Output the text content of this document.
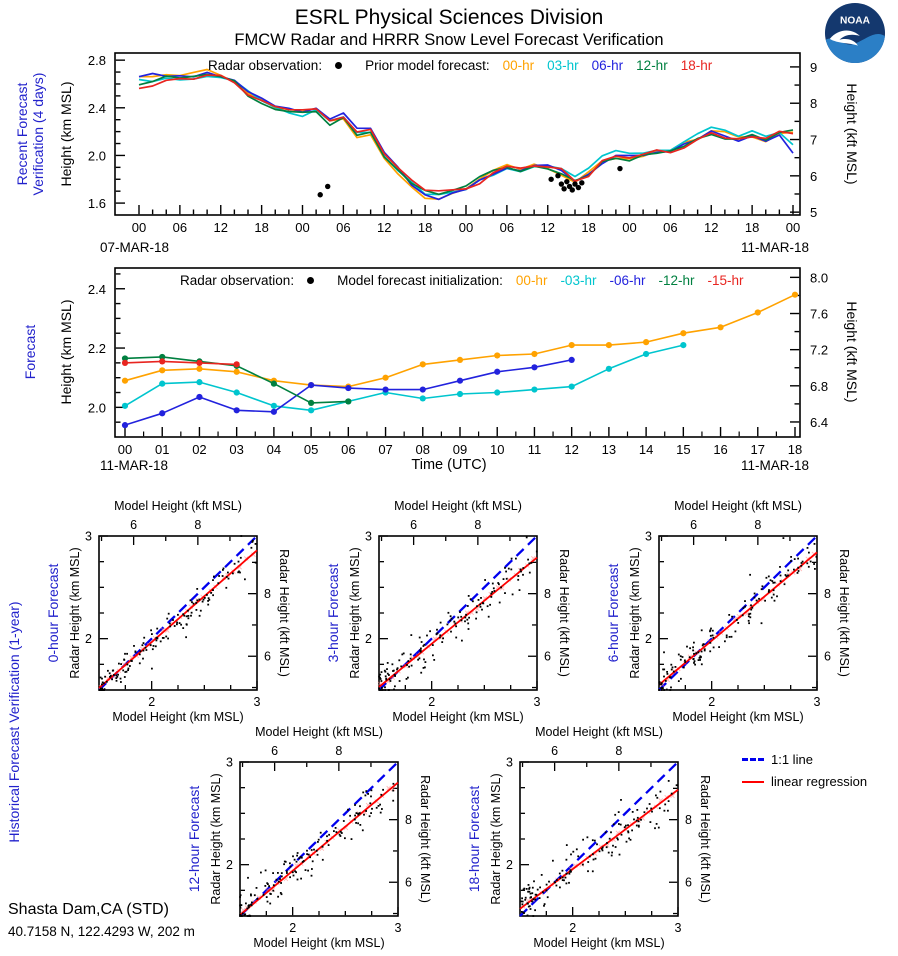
ESRL Physical Sciences Division
FMCW Radar and HRRR Snow Level Forecast Verification
NOAA
Recent Forecast Verification (4 days) Height (km MSL)	Height (kft MSL)
00 06 12 18 00 06 12 18 00 06 12 18 00 06 12 18 00
1.6
2.0
2.4
2.8
5
6
7
8
9
Radar observation:	Prior model forecast: 00-hr 03-hr 06-hr 12-hr 18-hr
07-MAR-18	11-MAR-18
Forecast Height (km MSL)	Height (kft MSL)
00 01 02 03 04 05 06 07 08 09 10 11 12 13 14 15 16 17 18
2.0
2.2
2.4
6.4
6.8
7.2
7.6
8.0
Radar observation:	Model forecast initialization: 00-hr -03-hr -06-hr -12-hr -15-hr
11-MAR-18	Time (UTC)	11-MAR-18
Historical Forecast Verification (1-year)
Model Height (kft MSL)
0-hour Forecast Radar Height (km MSL)	Radar Height (kft MSL)
Model Height (km MSL)
2
2
3
3
6
6
8
8
Model Height (kft MSL)
3-hour Forecast Radar Height (km MSL)	Radar Height (kft MSL)
Model Height (km MSL)
2
2
3
3
6
6
8
8
Model Height (kft MSL)
6-hour Forecast Radar Height (km MSL)	Radar Height (kft MSL)
Model Height (km MSL)
2
2
3
3
6
6
8
8
Model Height (kft MSL)
12-hour Forecast Radar Height (km MSL)	Radar Height (kft MSL)
Model Height (km MSL)
2
2
3
3
6
6
8
8
Model Height (kft MSL)
18-hour Forecast Radar Height (km MSL)	Radar Height (kft MSL)
Model Height (km MSL)
2
2
3
3
6
6
8
8
1:1 line
linear regression
Shasta Dam,CA (STD)
40.7158 N, 122.4293 W, 202 m
